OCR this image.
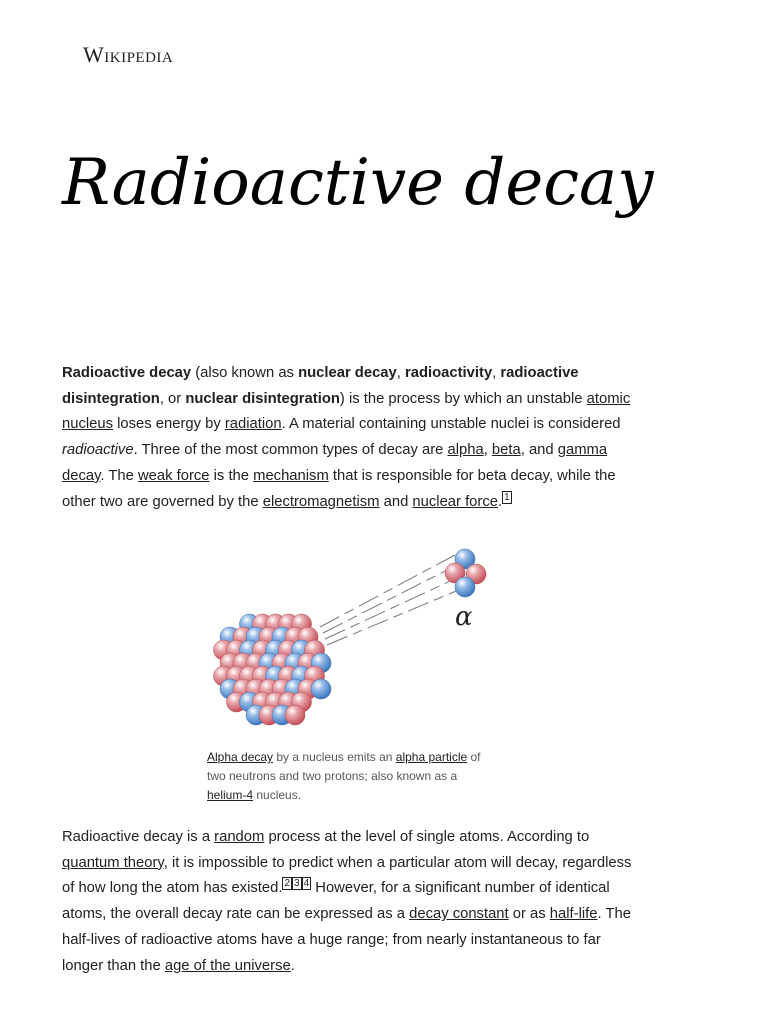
Wikipedia
Radioactive decay

Radioactive decay (also known as nuclear decay, radioactivity, radioactive disintegration, or nuclear disintegration) is the process by which an unstable atomic nucleus loses energy by radiation. A material containing unstable nuclei is considered radioactive. Three of the most common types of decay are alpha, beta, and gamma decay. The weak force is the mechanism that is responsible for beta decay, while the other two are governed by the electromagnetism and nuclear force. $^1$

α

Alpha decay by a nucleus emits an alpha particle of two neutrons and two protons; also known as a helium-4 nucleus.

Radioactive decay is a random process at the level of single atoms. According to quantum theory, it is impossible to predict when a particular atom will decay, regardless of how long the atom has existed. $^2$ $^3$ $^4$ However, for a significant number of identical atoms, the overall decay rate can be expressed as a decay constant or as half-life. The half-lives of radioactive atoms have a huge range; from nearly instantaneous to far longer than the age of the universe.
